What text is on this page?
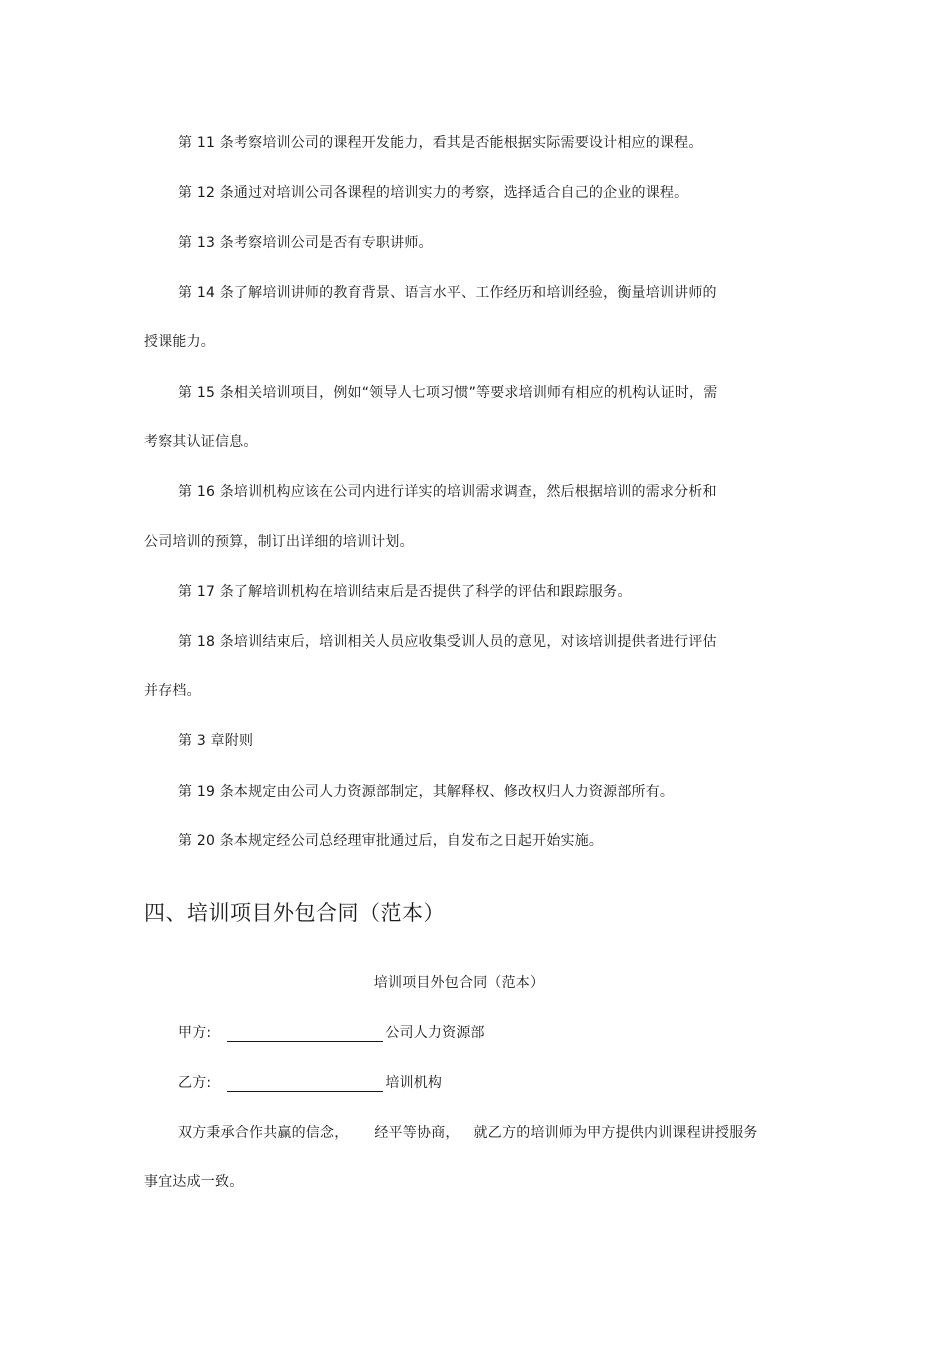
第 11 条考察培训公司的课程开发能力，看其是否能根据实际需要设计相应的课程。
第 12 条通过对培训公司各课程的培训实力的考察，选择适合自己的企业的课程。
第 13 条考察培训公司是否有专职讲师。
第 14 条了解培训讲师的教育背景、语言水平、工作经历和培训经验，衡量培训讲师的
授课能力。
第 15 条相关培训项目，例如“领导人七项习惯”等要求培训师有相应的机构认证时，需
考察其认证信息。
第 16 条培训机构应该在公司内进行详实的培训需求调查，然后根据培训的需求分析和
公司培训的预算，制订出详细的培训计划。
第 17 条了解培训机构在培训结束后是否提供了科学的评估和跟踪服务。
第 18 条培训结束后，培训相关人员应收集受训人员的意见，对该培训提供者进行评估
并存档。
第 3 章附则
第 19 条本规定由公司人力资源部制定，其解释权、修改权归人力资源部所有。
第 20 条本规定经公司总经理审批通过后，自发布之日起开始实施。
四、培训项目外包合同（范本）
培训项目外包合同（范本）
甲方:	公司人力资源部
乙方:	培训机构
双方秉承合作共赢的信念， 经平等协商， 就乙方的培训师为甲方提供内训课程讲授服务
事宜达成一致。
